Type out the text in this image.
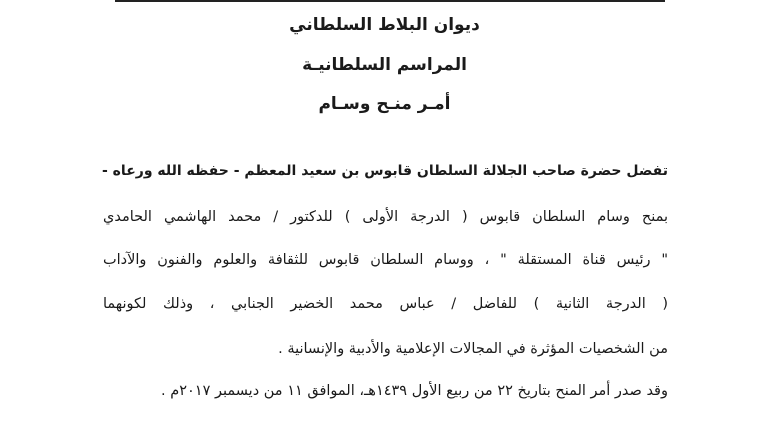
ديوان البلاط السلطاني
المراسم السلطانيـة
أمـر منـح وسـام
تفضل حضرة صاحب الجلالة السلطان قابوس بن سعيد المعظم - حفظه الله ورعاه -
بمنح وسام السلطان قابوس ( الدرجة الأولى ) للدكتور / محمد الهاشمي الحامدي
" رئيس قناة المستقلة " ، ووسام السلطان قابوس للثقافة والعلوم والفنون والآداب
( الدرجة الثانية ) للفاضل / عباس محمد الخضير الجنابي ، وذلك لكونهما
من الشخصيات المؤثرة في المجالات الإعلامية والأدبية والإنسانية .
وقد صدر أمر المنح بتاريخ ٢٢ من ربيع الأول ١٤٣٩هـ، الموافق ١١ من ديسمبر ٢٠١٧م .
